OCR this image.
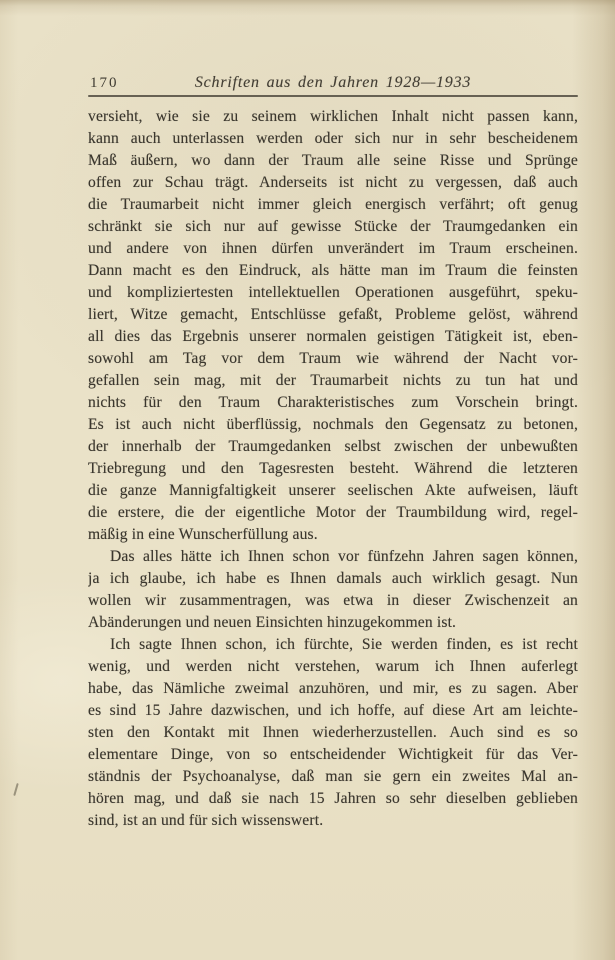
170	Schriften aus den Jahren 1928—1933
versieht, wie sie zu seinem wirklichen Inhalt nicht passen kann,
kann auch unterlassen werden oder sich nur in sehr bescheidenem
Maß äußern, wo dann der Traum alle seine Risse und Sprünge
offen zur Schau trägt. Anderseits ist nicht zu vergessen, daß auch
die Traumarbeit nicht immer gleich energisch verfährt; oft genug
schränkt sie sich nur auf gewisse Stücke der Traumgedanken ein
und andere von ihnen dürfen unverändert im Traum erscheinen.
Dann macht es den Eindruck, als hätte man im Traum die feinsten
und kompliziertesten intellektuellen Operationen ausgeführt, speku-
liert, Witze gemacht, Entschlüsse gefaßt, Probleme gelöst, während
all dies das Ergebnis unserer normalen geistigen Tätigkeit ist, eben-
sowohl am Tag vor dem Traum wie während der Nacht vor-
gefallen sein mag, mit der Traumarbeit nichts zu tun hat und
nichts für den Traum Charakteristisches zum Vorschein bringt.
Es ist auch nicht überflüssig, nochmals den Gegensatz zu betonen,
der innerhalb der Traumgedanken selbst zwischen der unbewußten
Triebregung und den Tagesresten besteht. Während die letzteren
die ganze Mannigfaltigkeit unserer seelischen Akte aufweisen, läuft
die erstere, die der eigentliche Motor der Traumbildung wird, regel-
mäßig in eine Wunscherfüllung aus.
Das alles hätte ich Ihnen schon vor fünfzehn Jahren sagen können,
ja ich glaube, ich habe es Ihnen damals auch wirklich gesagt. Nun
wollen wir zusammentragen, was etwa in dieser Zwischenzeit an
Abänderungen und neuen Einsichten hinzugekommen ist.
Ich sagte Ihnen schon, ich fürchte, Sie werden finden, es ist recht
wenig, und werden nicht verstehen, warum ich Ihnen auferlegt
habe, das Nämliche zweimal anzuhören, und mir, es zu sagen. Aber
es sind 15 Jahre dazwischen, und ich hoffe, auf diese Art am leichte-
sten den Kontakt mit Ihnen wiederherzustellen. Auch sind es so
elementare Dinge, von so entscheidender Wichtigkeit für das Ver-
ständnis der Psychoanalyse, daß man sie gern ein zweites Mal an-
hören mag, und daß sie nach 15 Jahren so sehr dieselben geblieben
sind, ist an und für sich wissenswert.
